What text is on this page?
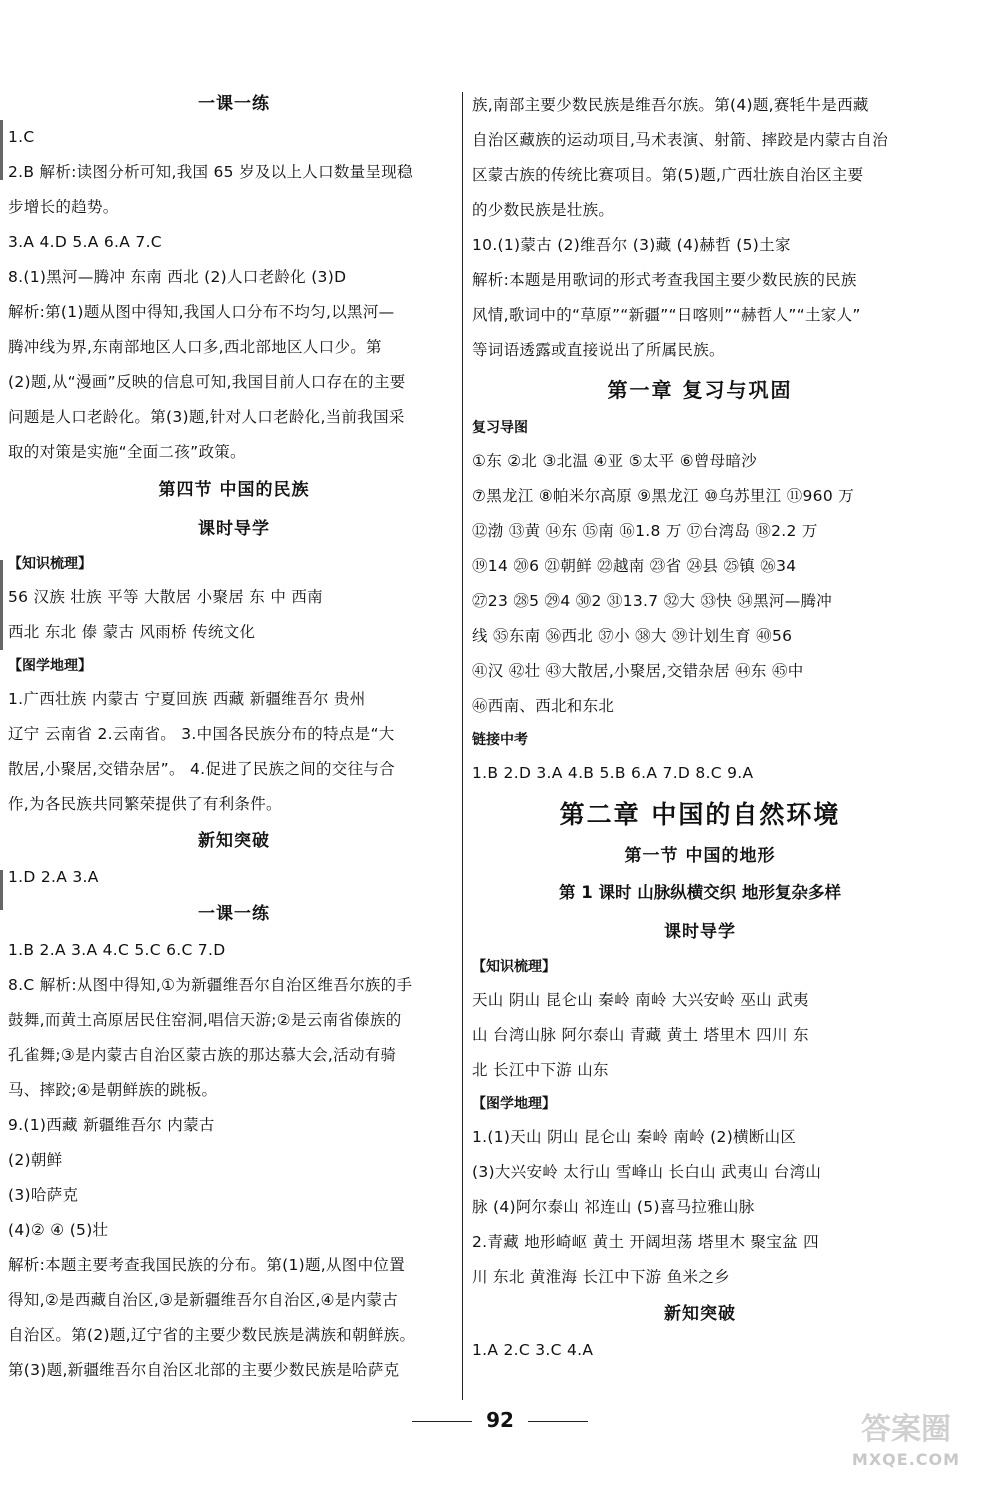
一课一练
1.C
2.B 解析:读图分析可知,我国 65 岁及以上人口数量呈现稳
步增长的趋势。
3.A 4.D 5.A 6.A 7.C
8.(1)黑河—腾冲 东南 西北 (2)人口老龄化 (3)D
解析:第(1)题从图中得知,我国人口分布不均匀,以黑河—
腾冲线为界,东南部地区人口多,西北部地区人口少。第
(2)题,从“漫画”反映的信息可知,我国目前人口存在的主要
问题是人口老龄化。第(3)题,针对人口老龄化,当前我国采
取的对策是实施“全面二孩”政策。
第四节 中国的民族
课时导学
【知识梳理】
56 汉族 壮族 平等 大散居 小聚居 东 中 西南
西北 东北 傣 蒙古 风雨桥 传统文化
【图学地理】
1.广西壮族 内蒙古 宁夏回族 西藏 新疆维吾尔 贵州
辽宁 云南省 2.云南省。 3.中国各民族分布的特点是“大
散居,小聚居,交错杂居”。 4.促进了民族之间的交往与合
作,为各民族共同繁荣提供了有利条件。
新知突破
1.D 2.A 3.A
一课一练
1.B 2.A 3.A 4.C 5.C 6.C 7.D
8.C 解析:从图中得知,①为新疆维吾尔自治区维吾尔族的手
鼓舞,而黄土高原居民住窑洞,唱信天游;②是云南省傣族的
孔雀舞;③是内蒙古自治区蒙古族的那达慕大会,活动有骑
马、摔跤;④是朝鲜族的跳板。
9.(1)西藏 新疆维吾尔 内蒙古
(2)朝鲜
(3)哈萨克
(4)② ④ (5)壮
解析:本题主要考查我国民族的分布。第(1)题,从图中位置
得知,②是西藏自治区,③是新疆维吾尔自治区,④是内蒙古
自治区。第(2)题,辽宁省的主要少数民族是满族和朝鲜族。
第(3)题,新疆维吾尔自治区北部的主要少数民族是哈萨克
族,南部主要少数民族是维吾尔族。第(4)题,赛牦牛是西藏
自治区藏族的运动项目,马术表演、射箭、摔跤是内蒙古自治
区蒙古族的传统比赛项目。第(5)题,广西壮族自治区主要
的少数民族是壮族。
10.(1)蒙古 (2)维吾尔 (3)藏 (4)赫哲 (5)土家
解析:本题是用歌词的形式考查我国主要少数民族的民族
风情,歌词中的“草原”“新疆”“日喀则”“赫哲人”“土家人”
等词语透露或直接说出了所属民族。
第一章 复习与巩固
复习导图
①东 ②北 ③北温 ④亚 ⑤太平 ⑥曾母暗沙
⑦黑龙江 ⑧帕米尔高原 ⑨黑龙江 ⑩乌苏里江 ⑪960 万
⑫渤 ⑬黄 ⑭东 ⑮南 ⑯1.8 万 ⑰台湾岛 ⑱2.2 万
⑲14 ⑳6 ㉑朝鲜 ㉒越南 ㉓省 ㉔县 ㉕镇 ㉖34
㉗23 ㉘5 ㉙4 ㉚2 ㉛13.7 ㉜大 ㉝快 ㉞黑河—腾冲
线 ㉟东南 ㊱西北 ㊲小 ㊳大 ㊴计划生育 ㊵56
㊶汉 ㊷壮 ㊸大散居,小聚居,交错杂居 ㊹东 ㊺中
㊻西南、西北和东北
链接中考
1.B 2.D 3.A 4.B 5.B 6.A 7.D 8.C 9.A
第二章 中国的自然环境
第一节 中国的地形
第 1 课时 山脉纵横交织 地形复杂多样
课时导学
【知识梳理】
天山 阴山 昆仑山 秦岭 南岭 大兴安岭 巫山 武夷
山 台湾山脉 阿尔泰山 青藏 黄土 塔里木 四川 东
北 长江中下游 山东
【图学地理】
1.(1)天山 阴山 昆仑山 秦岭 南岭 (2)横断山区
(3)大兴安岭 太行山 雪峰山 长白山 武夷山 台湾山
脉 (4)阿尔泰山 祁连山 (5)喜马拉雅山脉
2.青藏 地形崎岖 黄土 开阔坦荡 塔里木 聚宝盆 四
川 东北 黄淮海 长江中下游 鱼米之乡
新知突破
1.A 2.C 3.C 4.A
92	答案圈
MXQE.COM
